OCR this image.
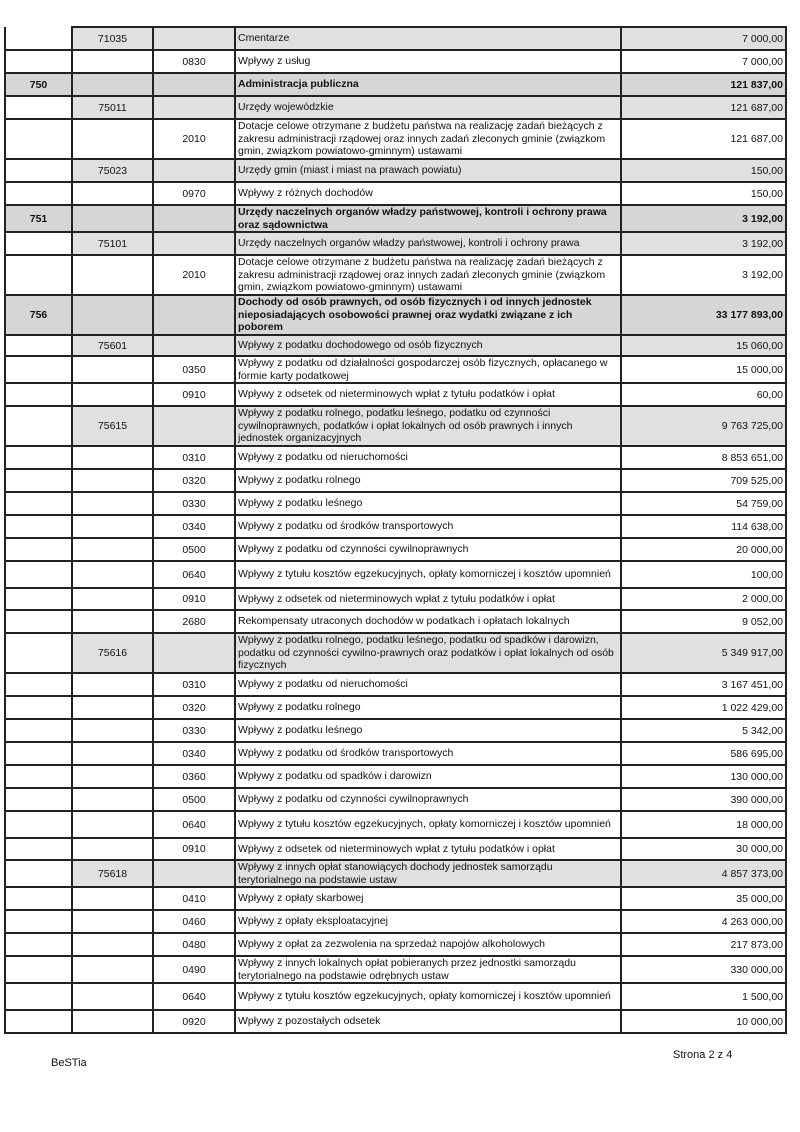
	71035		Cmentarze	7 000,00
		0830	Wpływy z usług	7 000,00
750			Administracja publiczna	121 837,00
	75011		Urzędy wojewódzkie	121 687,00
		2010	Dotacje celowe otrzymane z budżetu państwa na realizację zadań bieżących z zakresu administracji rządowej oraz innych zadań zleconych gminie (związkom gmin, związkom powiatowo-gminnym) ustawami	121 687,00
	75023		Urzędy gmin (miast i miast na prawach powiatu)	150,00
		0970	Wpływy z różnych dochodów	150,00
751			Urzędy naczelnych organów władzy państwowej, kontroli i ochrony prawa oraz sądownictwa	3 192,00
	75101		Urzędy naczelnych organów władzy państwowej, kontroli i ochrony prawa	3 192,00
		2010	Dotacje celowe otrzymane z budżetu państwa na realizację zadań bieżących z zakresu administracji rządowej oraz innych zadań zleconych gminie (związkom gmin, związkom powiatowo-gminnym) ustawami	3 192,00
756			Dochody od osób prawnych, od osób fizycznych i od innych jednostek nieposiadających osobowości prawnej oraz wydatki związane z ich poborem	33 177 893,00
	75601		Wpływy z podatku dochodowego od osób fizycznych	15 060,00
		0350	Wpływy z podatku od działalności gospodarczej osób fizycznych, opłacanego w formie karty podatkowej	15 000,00
		0910	Wpływy z odsetek od nieterminowych wpłat z tytułu podatków i opłat	60,00
	75615		Wpływy z podatku rolnego, podatku leśnego, podatku od czynności cywilnoprawnych, podatków i opłat lokalnych od osób prawnych i innych jednostek organizacyjnych	9 763 725,00
		0310	Wpływy z podatku od nieruchomości	8 853 651,00
		0320	Wpływy z podatku rolnego	709 525,00
		0330	Wpływy z podatku leśnego	54 759,00
		0340	Wpływy z podatku od środków transportowych	114 638,00
		0500	Wpływy z podatku od czynności cywilnoprawnych	20 000,00
		0640	Wpływy z tytułu kosztów egzekucyjnych, opłaty komorniczej i kosztów upomnień	100,00
		0910	Wpływy z odsetek od nieterminowych wpłat z tytułu podatków i opłat	2 000,00
		2680	Rekompensaty utraconych dochodów w podatkach i opłatach lokalnych	9 052,00
	75616		Wpływy z podatku rolnego, podatku leśnego, podatku od spadków i darowizn, podatku od czynności cywilno-prawnych oraz podatków i opłat lokalnych od osób fizycznych	5 349 917,00
		0310	Wpływy z podatku od nieruchomości	3 167 451,00
		0320	Wpływy z podatku rolnego	1 022 429,00
		0330	Wpływy z podatku leśnego	5 342,00
		0340	Wpływy z podatku od środków transportowych	586 695,00
		0360	Wpływy z podatku od spadków i darowizn	130 000,00
		0500	Wpływy z podatku od czynności cywilnoprawnych	390 000,00
		0640	Wpływy z tytułu kosztów egzekucyjnych, opłaty komorniczej i kosztów upomnień	18 000,00
		0910	Wpływy z odsetek od nieterminowych wpłat z tytułu podatków i opłat	30 000,00
	75618		Wpływy z innych opłat stanowiących dochody jednostek samorządu terytorialnego na podstawie ustaw	4 857 373,00
		0410	Wpływy z opłaty skarbowej	35 000,00
		0460	Wpływy z opłaty eksploatacyjnej	4 263 000,00
		0480	Wpływy z opłat za zezwolenia na sprzedaż napojów alkoholowych	217 873,00
		0490	Wpływy z innych lokalnych opłat pobieranych przez jednostki samorządu terytorialnego na podstawie odrębnych ustaw	330 000,00
		0640	Wpływy z tytułu kosztów egzekucyjnych, opłaty komorniczej i kosztów upomnień	1 500,00
		0920	Wpływy z pozostałych odsetek	10 000,00
BeSTia
Strona 2 z 4
